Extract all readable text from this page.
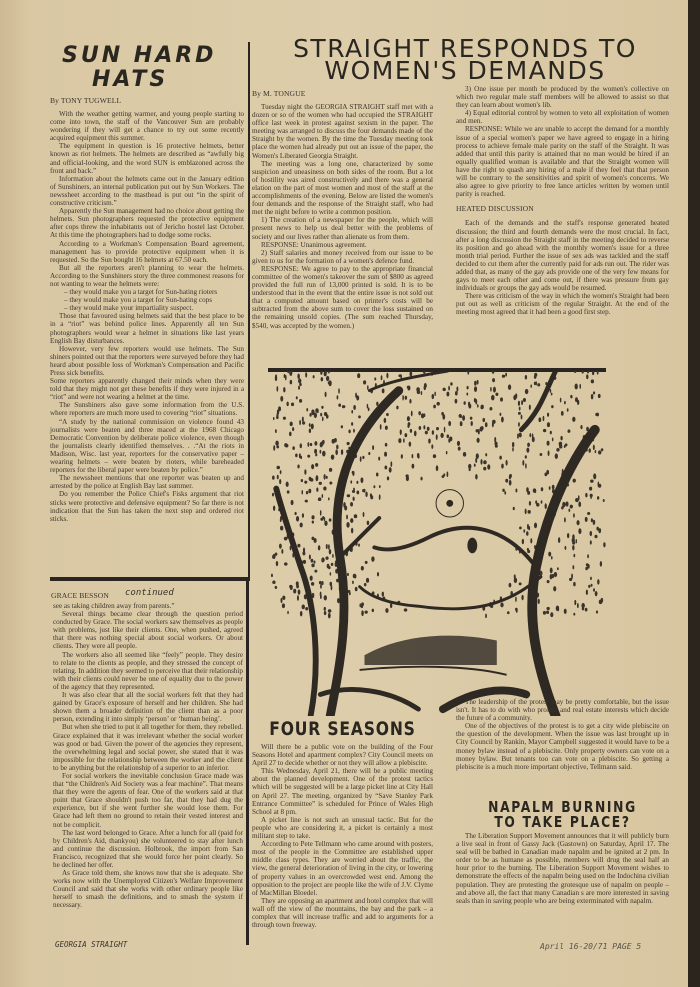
SUN HARD
HATS
By TONY TUGWELL

With the weather getting warmer, and young people starting to come into town, the staff of the Vancouver Sun are probably wondering if they will get a chance to try out some recently acquired equipment this summer.

The equipment in question is 16 protective helmets, better known as riot helmets. The helmets are described as “awfully big and official-looking, and the word SUN is emblazoned across the front and back.”

Information about the helmets came out in the January edition of Sunshiners, an internal publication put out by Sun Workers. The newssheet according to the masthead is put out “in the spirit of constructive criticism.”

Apparently the Sun management had no choice about getting the helmets. Sun photographers requested the protective equipment after cops threw the inhabitants out of Jericho hostel last October. At this time the photographers had to dodge some rocks.

According to a Workman's Compensation Board agreement, management has to provide protective equipment when it is requested. So the Sun bought 16 helmets at 67.50 each.

But all the reporters aren't planning to wear the helmets. According to the Sunshiners story the three commonest reasons for not wanting to wear the helmets were:

– they would make you a target for Sun-hating rioters

– they would make you a target for Sun-hating cops

– they would make your impartiality suspect.

Those that favoured using helmets said that the best place to be in a “riot” was behind police lines. Apparently all ten Sun photographers would wear a helmet in situations like last years English Bay disturbances.

However, very few reporters would use helmets. The Sun shiners pointed out that the reporters were surveyed before they had heard about possible loss of Workman's Compensation and Pacific Press sick benefits.

Some reporters apparently changed their minds when they were told that they might not get these benefits if they were injured in a “riot” and were not wearing a helmet at the time.

The Sunshiners also gave some information from the U.S. where reporters are much more used to covering “riot” situations.

“A study by the national commission on violence found 43 journalists were beaten and three maced at the 1968 Chicago Democratic Convention by deliberate police violence, even though the journalists clearly identified themselves. . .“At the riots in Madison, Wisc. last year, reporters for the conservative paper – wearing helmets – were beaten by rioters, while bareheaded reporters for the liberal paper were beaten by police.”

The newssheet mentions that one reporter was beaten up and arrested by the police at English Bay last summer.

Do you remember the Police Chief's Fisks argument that riot sticks were protective and defensive equipment? So far there is not indication that the Sun has taken the next step and ordered riot sticks.

GRACE BESSON continued

see as taking children away from parents.”

Several things became clear through the question period conducted by Grace. The social workers saw themselves as people with problems, just like their clients. One, when pushed, agreed that there was nothing special about social workers. Or about clients. They were all people.

The workers also all seemed like “feely” people. They desire to relate to the clients as people, and they stressed the concept of relating. In addition they seemed to perceive that their relationship with their clients could never be one of equality due to the power of the agency that they represented.

It was also clear that all the social workers felt that they had gained by Grace's exposure of herself and her children. She had shown them a broader definition of the client than as a poor person, extending it into simply ‘person’ or ‘human being’.

But when she tried to put it all together for them, they rebelled. Grace explained that it was irrelevant whether the social worker was good or bad. Given the power of the agencies they represent, the overwhelming legal and social power, she stated that it was impossible for the relationship between the worker and the client to be anything but the relationship of a superior to an inferior.

For social workers the inevitable conclusion Grace made was that “the Children's Aid Society was a fear machine”. That means that they were the agents of fear. One of the workers said at that point that Grace shouldn't push too far, that they had dug the experience, but if she went further she would lose them. For Grace had left them no ground to retain their vested interest and not be complicit.

The last word belonged to Grace. After a lunch for all (paid for by Children's Aid, thankyou) she volunteered to stay after lunch and continue the discussion. Holbrook, the import from San Francisco, recognized that she would force her point clearly. So he declined her offer.

As Grace told them, she knows now that she is adequate. She works now with the Unemployed Citizen's Welfare Improvement Council and said that she works with other ordinary people like herself to smash the definitions, and to smash the system if necessary.

GEORGIA STRAIGHT
STRAIGHT RESPONDS TO
WOMEN'S DEMANDS
By M. TONGUE

Tuesday night the GEORGIA STRAIGHT staff met with a dozen or so of the women who had occupied the STRAIGHT office last week in protest against sexism in the paper. The meeting was arranged to discuss the four demands made of the Straight by the women. By the time the Tuesday meeting took place the women had already put out an issue of the paper, the Women's Liberated Georgia Straight.

The meeting was a long one, characterized by some suspicion and uneasiness on both sides of the room. But a lot of hostility was aired constructively and there was a general elation on the part of most women and most of the staff at the accomplishments of the evening. Below are listed the women's four demands and the response of the Straight staff, who had met the night before to write a common position.

1) The creation of a newspaper for the people, which will present news to help us deal better with the problems of society and our lives rather than alienate us from them.

RESPONSE: Unanimous agreement.

2) Staff salaries and money received from our issue to be given to us for the formation of a women's defence fund.

RESPONSE: We agree to pay to the appropriate financial committee of the women's takeover the sum of $800 as agreed provided the full run of 13,000 printed is sold. It is to be understood that in the event that the entire issue is not sold out that a computed amount based on printer's costs will be subtracted from the above sum to cover the loss sustained on the remaining unsold copies. (The sum reached Thursday, $540, was accepted by the women.)

3) One issue per month be produced by the women's collective on which two regular male staff members will be allowed to assist so that they can learn about women's lib.

4) Equal editorial control by women to veto all exploitation of women and men.

RESPONSE: While we are unable to accept the demand for a monthly issue of a special women's paper we have agreed to engage in a hiring process to achieve female male parity on the staff of the Straight. It was added that until this parity is attained that no man would be hired if an equally qualified woman is available and that the Straight women will have the right to quash any hiring of a male if they feel that that person will be contrary to the sensitivities and spirit of women's concerns. We also agree to give priority to free lance articles written by women until parity is reached.

HEATED DISCUSSION

Each of the demands and the staff's response generated heated discussion; the third and fourth demands were the most crucial. In fact, after a long discussion the Straight staff in the meeting decided to reverse its position and go ahead with the monthly women's issue for a three month trial period. Further the issue of sex ads was tackled and the staff decided to cut them after the currently paid for ads run out. The rider was added that, as many of the gay ads provide one of the very few means for gays to meet each other and come out, if there was pressure from gay individuals or groups the gay ads would be resumed.

There was criticism of the way in which the women's Straight had been put out as well as criticism of the regular Straight. At the end of the meeting most agreed that it had been a good first step.

FOUR SEASONS

Will there be a public vote on the building of the Four Seasons Hotel and apartment complex? City Council meets on April 27 to decide whether or not they will allow a plebiscite.

This Wednesday, April 21, there will be a public meeting about the planned development. One of the protest tactics which will be suggested will be a large picket line at City Hall on April 27. The meeting, organized by “Save Stanley Park Entrance Committee” is scheduled for Prince of Wales High School at 8 pm.

A picket line is not such an unusual tactic. But for the people who are considering it, a picket is certainly a most militant step to take.

According to Pete Tellmann who came around with posters, most of the people in the Committee are established upper middle class types. They are worried about the traffic, the view, the general deterioration of living in the city, or lowering of property values in an overcrowded west end. Among the opposition to the project are people like the wife of J.V. Clyme of MacMillan Bloedel.

They are opposing an apartment and hotel complex that will wall off the view of the mountains, the bay and the park – a complex that will increase traffic and add to arguments for a through town freeway.

The leadership of the protest may be pretty comfortable, but the issue isn't. It has to do with who profits, and real estate interests which decide the future of a community.

One of the objectives of the protest is to get a city wide plebiscite on the question of the development. When the issue was last brought up in City Council by Rankin, Mayor Campbell suggested it would have to be a money bylaw instead of a plebiscite. Only property owners can vote on a money bylaw. But tenants too can vote on a plebiscite. So getting a plebiscite is a much more important objective, Tellmann said.

NAPALM BURNING
TO TAKE PLACE?

The Liberation Support Movement announces that it will publicly burn a live seal in front of Gassy Jack (Gastown) on Saturday, April 17. The seal will be bathed in Canadian made napalm and be ignited at 2 pm. In order to be as humane as possible, members will drug the seal half an hour prior to the burning. The Liberation Support Movement wishes to demonstrate the effects of the napalm being used on the Indochina civilian population. They are protesting the grotesque use of napalm on people – and above all, the fact that many Canadian s are more interested in saving seals than in saving people who are being exterminated with napalm.

April 16-20/71 PAGE 5
